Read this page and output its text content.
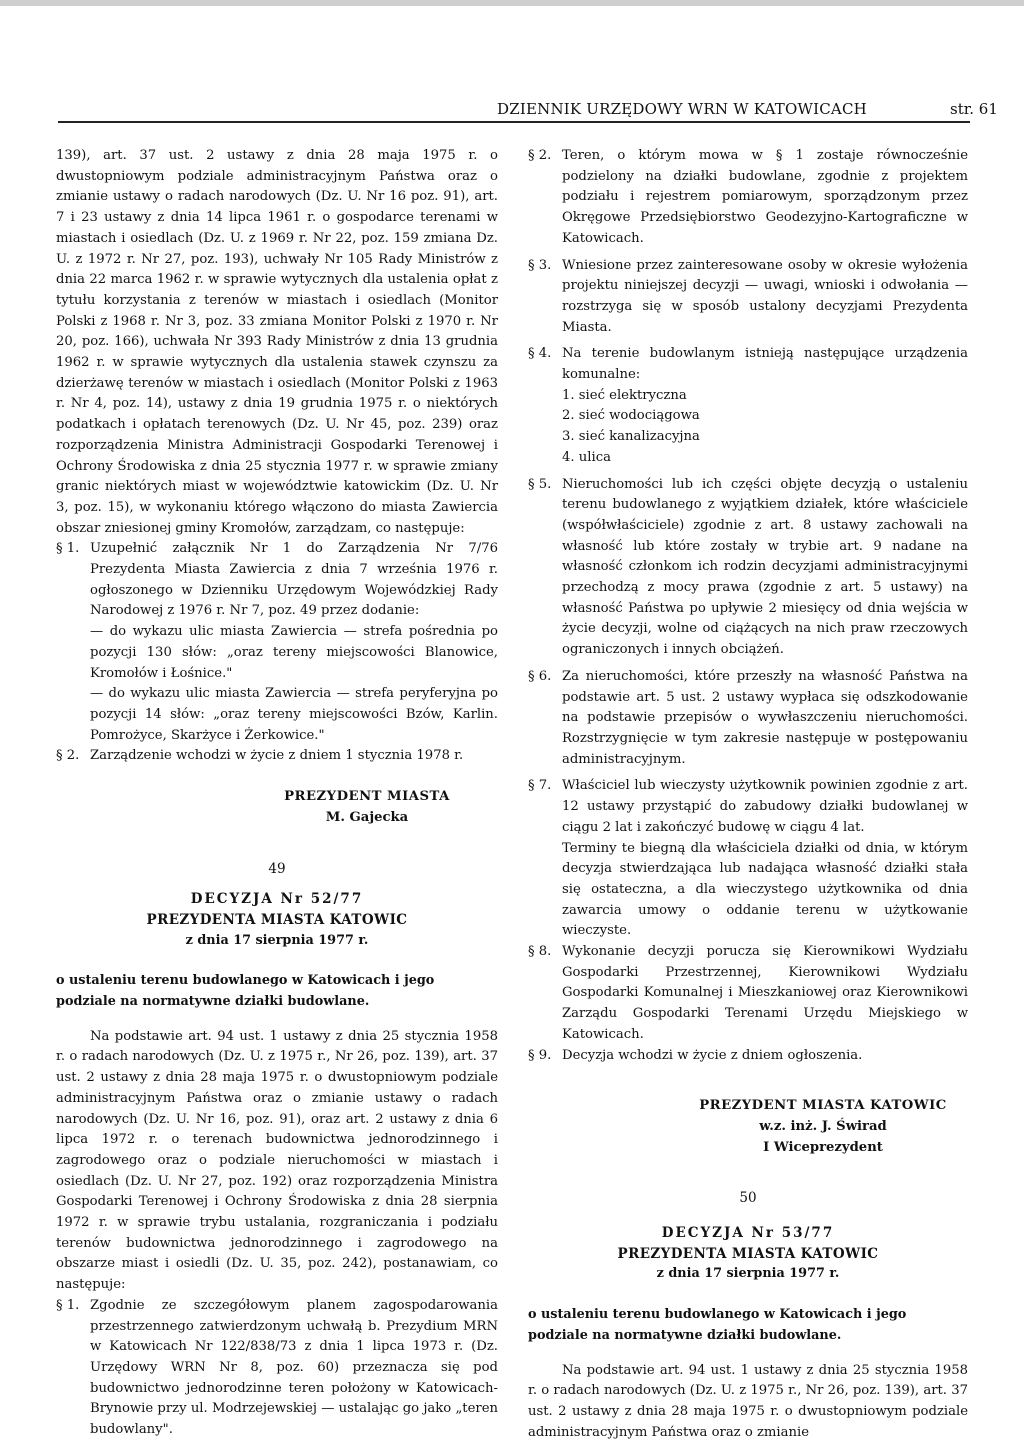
DZIENNIK URZĘDOWY WRN W KATOWICACH	str. 61

139), art. 37 ust. 2 ustawy z dnia 28 maja 1975 r. o dwustopniowym podziale administracyjnym Państwa oraz o zmianie ustawy o radach narodowych (Dz. U. Nr 16 poz. 91), art. 7 i 23 ustawy z dnia 14 lipca 1961 r. o gospodarce terenami w miastach i osiedlach (Dz. U. z 1969 r. Nr 22, poz. 159 zmiana Dz. U. z 1972 r. Nr 27, poz. 193), uchwały Nr 105 Rady Ministrów z dnia 22 marca 1962 r. w sprawie wytycznych dla ustalenia opłat z tytułu korzystania z terenów w miastach i osiedlach (Monitor Polski z 1968 r. Nr 3, poz. 33 zmiana Monitor Polski z 1970 r. Nr 20, poz. 166), uchwała Nr 393 Rady Ministrów z dnia 13 grudnia 1962 r. w sprawie wytycznych dla ustalenia stawek czynszu za dzierżawę terenów w miastach i osiedlach (Monitor Polski z 1963 r. Nr 4, poz. 14), ustawy z dnia 19 grudnia 1975 r. o niektórych podatkach i opłatach terenowych (Dz. U. Nr 45, poz. 239) oraz rozporządzenia Ministra Administracji Gospodarki Terenowej i Ochrony Środowiska z dnia 25 stycznia 1977 r. w sprawie zmiany granic niektórych miast w województwie katowickim (Dz. U. Nr 3, poz. 15), w wykonaniu którego włączono do miasta Zawiercia obszar zniesionej gminy Kromołów, zarządzam, co następuje:

§ 1. Uzupełnić załącznik Nr 1 do Zarządzenia Nr 7/76 Prezydenta Miasta Zawiercia z dnia 7 września 1976 r. ogłoszonego w Dzienniku Urzędowym Wojewódzkiej Rady Narodowej z 1976 r. Nr 7, poz. 49 przez dodanie:

— do wykazu ulic miasta Zawiercia — strefa pośrednia po pozycji 130 słów: „oraz tereny miejscowości Blanowice, Kromołów i Łośnice."

— do wykazu ulic miasta Zawiercia — strefa peryferyjna po pozycji 14 słów: „oraz tereny miejscowości Bzów, Karlin. Pomrożyce, Skarżyce i Żerkowice."

§ 2. Zarządzenie wchodzi w życie z dniem 1 stycznia 1978 r.

PREZYDENT MIASTA

M. Gajecka

49

DECYZJA Nr 52/77

PREZYDENTA MIASTA KATOWIC

z dnia 17 sierpnia 1977 r.

o ustaleniu terenu budowlanego w Katowicach i jego podziale na normatywne działki budowlane.

Na podstawie art. 94 ust. 1 ustawy z dnia 25 stycznia 1958 r. o radach narodowych (Dz. U. z 1975 r., Nr 26, poz. 139), art. 37 ust. 2 ustawy z dnia 28 maja 1975 r. o dwustopniowym podziale administracyjnym Państwa oraz o zmianie ustawy o radach narodowych (Dz. U. Nr 16, poz. 91), oraz art. 2 ustawy z dnia 6 lipca 1972 r. o terenach budownictwa jednorodzinnego i zagrodowego oraz o podziale nieruchomości w miastach i osiedlach (Dz. U. Nr 27, poz. 192) oraz rozporządzenia Ministra Gospodarki Terenowej i Ochrony Środowiska z dnia 28 sierpnia 1972 r. w sprawie trybu ustalania, rozgraniczania i podziału terenów budownictwa jednorodzinnego i zagrodowego na obszarze miast i osiedli (Dz. U. 35, poz. 242), postanawiam, co następuje:

§ 1. Zgodnie ze szczegółowym planem zagospodarowania przestrzennego zatwierdzonym uchwałą b. Prezydium MRN w Katowicach Nr 122/838/73 z dnia 1 lipca 1973 r. (Dz. Urzędowy WRN Nr 8, poz. 60) przeznacza się pod budownictwo jednorodzinne teren położony w Katowicach-Brynowie przy ul. Modrzejewskiej — ustalając go jako „teren budowlany".
§ 2. Teren, o którym mowa w § 1 zostaje równocześnie podzielony na działki budowlane, zgodnie z projektem podziału i rejestrem pomiarowym, sporządzonym przez Okręgowe Przedsiębiorstwo Geodezyjno-Kartograficzne w Katowicach.
§ 3. Wniesione przez zainteresowane osoby w okresie wyłożenia projektu niniejszej decyzji — uwagi, wnioski i odwołania — rozstrzyga się w sposób ustalony decyzjami Prezydenta Miasta.
§ 4. Na terenie budowlanym istnieją następujące urządzenia komunalne:
1. sieć elektryczna
2. sieć wodociągowa
3. sieć kanalizacyjna
4. ulica
§ 5. Nieruchomości lub ich części objęte decyzją o ustaleniu terenu budowlanego z wyjątkiem działek, które właściciele (współwłaściciele) zgodnie z art. 8 ustawy zachowali na własność lub które zostały w trybie art. 9 nadane na własność członkom ich rodzin decyzjami administracyjnymi przechodzą z mocy prawa (zgodnie z art. 5 ustawy) na własność Państwa po upływie 2 miesięcy od dnia wejścia w życie decyzji, wolne od ciążących na nich praw rzeczowych ograniczonych i innych obciążeń.
§ 6. Za nieruchomości, które przeszły na własność Państwa na podstawie art. 5 ust. 2 ustawy wypłaca się odszkodowanie na podstawie przepisów o wywłaszczeniu nieruchomości. Rozstrzygnięcie w tym zakresie następuje w postępowaniu administracyjnym.
§ 7. Właściciel lub wieczysty użytkownik powinien zgodnie z art. 12 ustawy przystąpić do zabudowy działki budowlanej w ciągu 2 lat i zakończyć budowę w ciągu 4 lat.

Terminy te biegną dla właściciela działki od dnia, w którym decyzja stwierdzająca lub nadająca własność działki stała się ostateczna, a dla wieczystego użytkownika od dnia zawarcia umowy o oddanie terenu w użytkowanie wieczyste.

§ 8. Wykonanie decyzji porucza się Kierownikowi Wydziału Gospodarki Przestrzennej, Kierownikowi Wydziału Gospodarki Komunalnej i Mieszkaniowej oraz Kierownikowi Zarządu Gospodarki Terenami Urzędu Miejskiego w Katowicach.
§ 9. Decyzja wchodzi w życie z dniem ogłoszenia.

PREZYDENT MIASTA KATOWIC

w.z. inż. J. Świrad

I Wiceprezydent

50

DECYZJA Nr 53/77

PREZYDENTA MIASTA KATOWIC

z dnia 17 sierpnia 1977 r.

o ustaleniu terenu budowlanego w Katowicach i jego podziale na normatywne działki budowlane.

Na podstawie art. 94 ust. 1 ustawy z dnia 25 stycznia 1958 r. o radach narodowych (Dz. U. z 1975 r., Nr 26, poz. 139), art. 37 ust. 2 ustawy z dnia 28 maja 1975 r. o dwustopniowym podziale administracyjnym Państwa oraz o zmianie
